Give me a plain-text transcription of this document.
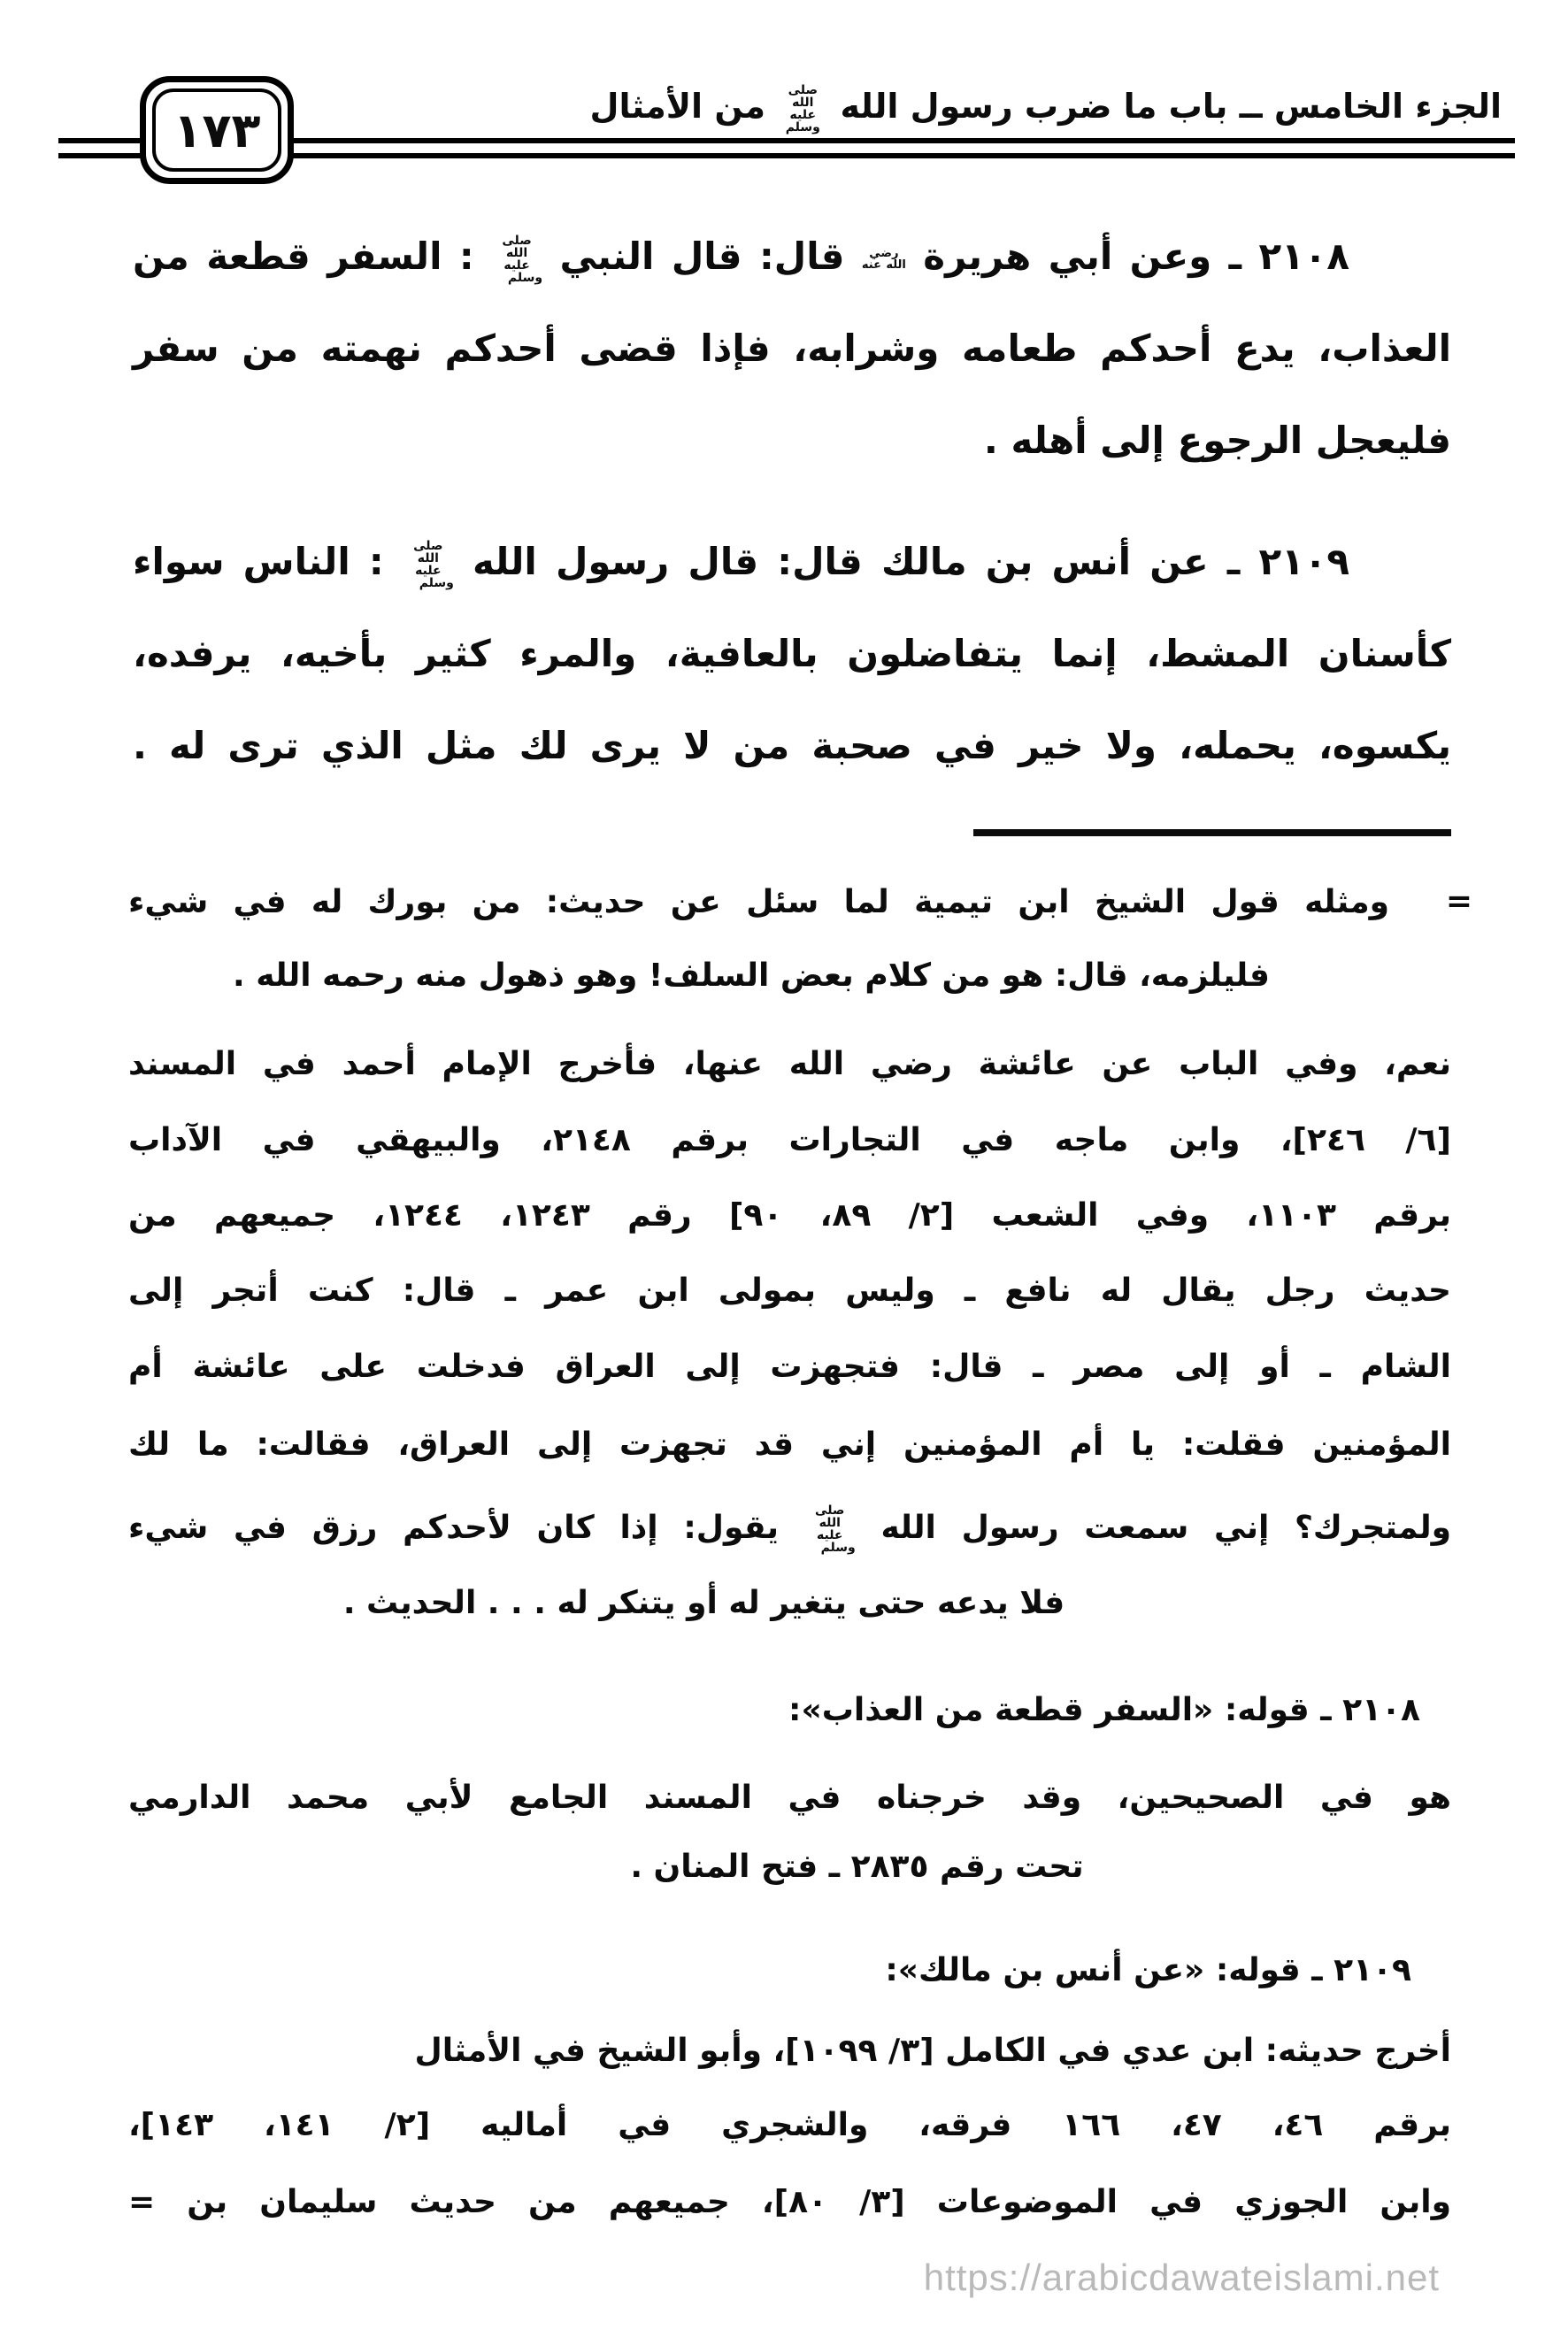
الجزء الخامس ــ باب ما ضرب رسول الله صلى الله عليه وسلم من الأمثال
١٧٣
٢١٠٨ ـ وعن أبي هريرة رضي الله عنه قال: قال النبي صلى الله عليه وسلم : السفر قطعة من
العذاب، يدع أحدكم طعامه وشرابه، فإذا قضى أحدكم نهمته من سفر
فليعجل الرجوع إلى أهله .
٢١٠٩ ـ عن أنس بن مالك قال: قال رسول الله صلى الله عليه وسلم : الناس سواء
كأسنان المشط، إنما يتفاضلون بالعافية، والمرء كثير بأخيه، يرفده،
يكسوه، يحمله، ولا خير في صحبة من لا يرى لك مثل الذي ترى له .
=
ومثله قول الشيخ ابن تيمية لما سئل عن حديث: من بورك له في شيء
فليلزمه، قال: هو من كلام بعض السلف! وهو ذهول منه رحمه الله .
نعم، وفي الباب عن عائشة رضي الله عنها، فأخرج الإمام أحمد في المسند
[٦/ ٢٤٦]، وابن ماجه في التجارات برقم ٢١٤٨، والبيهقي في الآداب
برقم ١١٠٣، وفي الشعب [٢/ ٨٩، ٩٠] رقم ١٢٤٣، ١٢٤٤، جميعهم من
حديث رجل يقال له نافع ـ وليس بمولى ابن عمر ـ قال: كنت أتجر إلى
الشام ـ أو إلى مصر ـ قال: فتجهزت إلى العراق فدخلت على عائشة أم
المؤمنين فقلت: يا أم المؤمنين إني قد تجهزت إلى العراق، فقالت: ما لك
ولمتجرك؟ إني سمعت رسول الله صلى الله عليه وسلم يقول: إذا كان لأحدكم رزق في شيء
فلا يدعه حتى يتغير له أو يتنكر له . . . الحديث .
٢١٠٨ ـ قوله: «السفر قطعة من العذاب»:
هو في الصحيحين، وقد خرجناه في المسند الجامع لأبي محمد الدارمي
تحت رقم ٢٨٣٥ ـ فتح المنان .
٢١٠٩ ـ قوله: «عن أنس بن مالك»:
أخرج حديثه: ابن عدي في الكامل [٣/ ١٠٩٩]، وأبو الشيخ في الأمثال
برقم ٤٦، ٤٧، ١٦٦ فرقه، والشجري في أماليه [٢/ ١٤١، ١٤٣]،
وابن الجوزي في الموضوعات [٣/ ٨٠]، جميعهم من حديث سليمان بن =
https://arabicdawateislami.net
